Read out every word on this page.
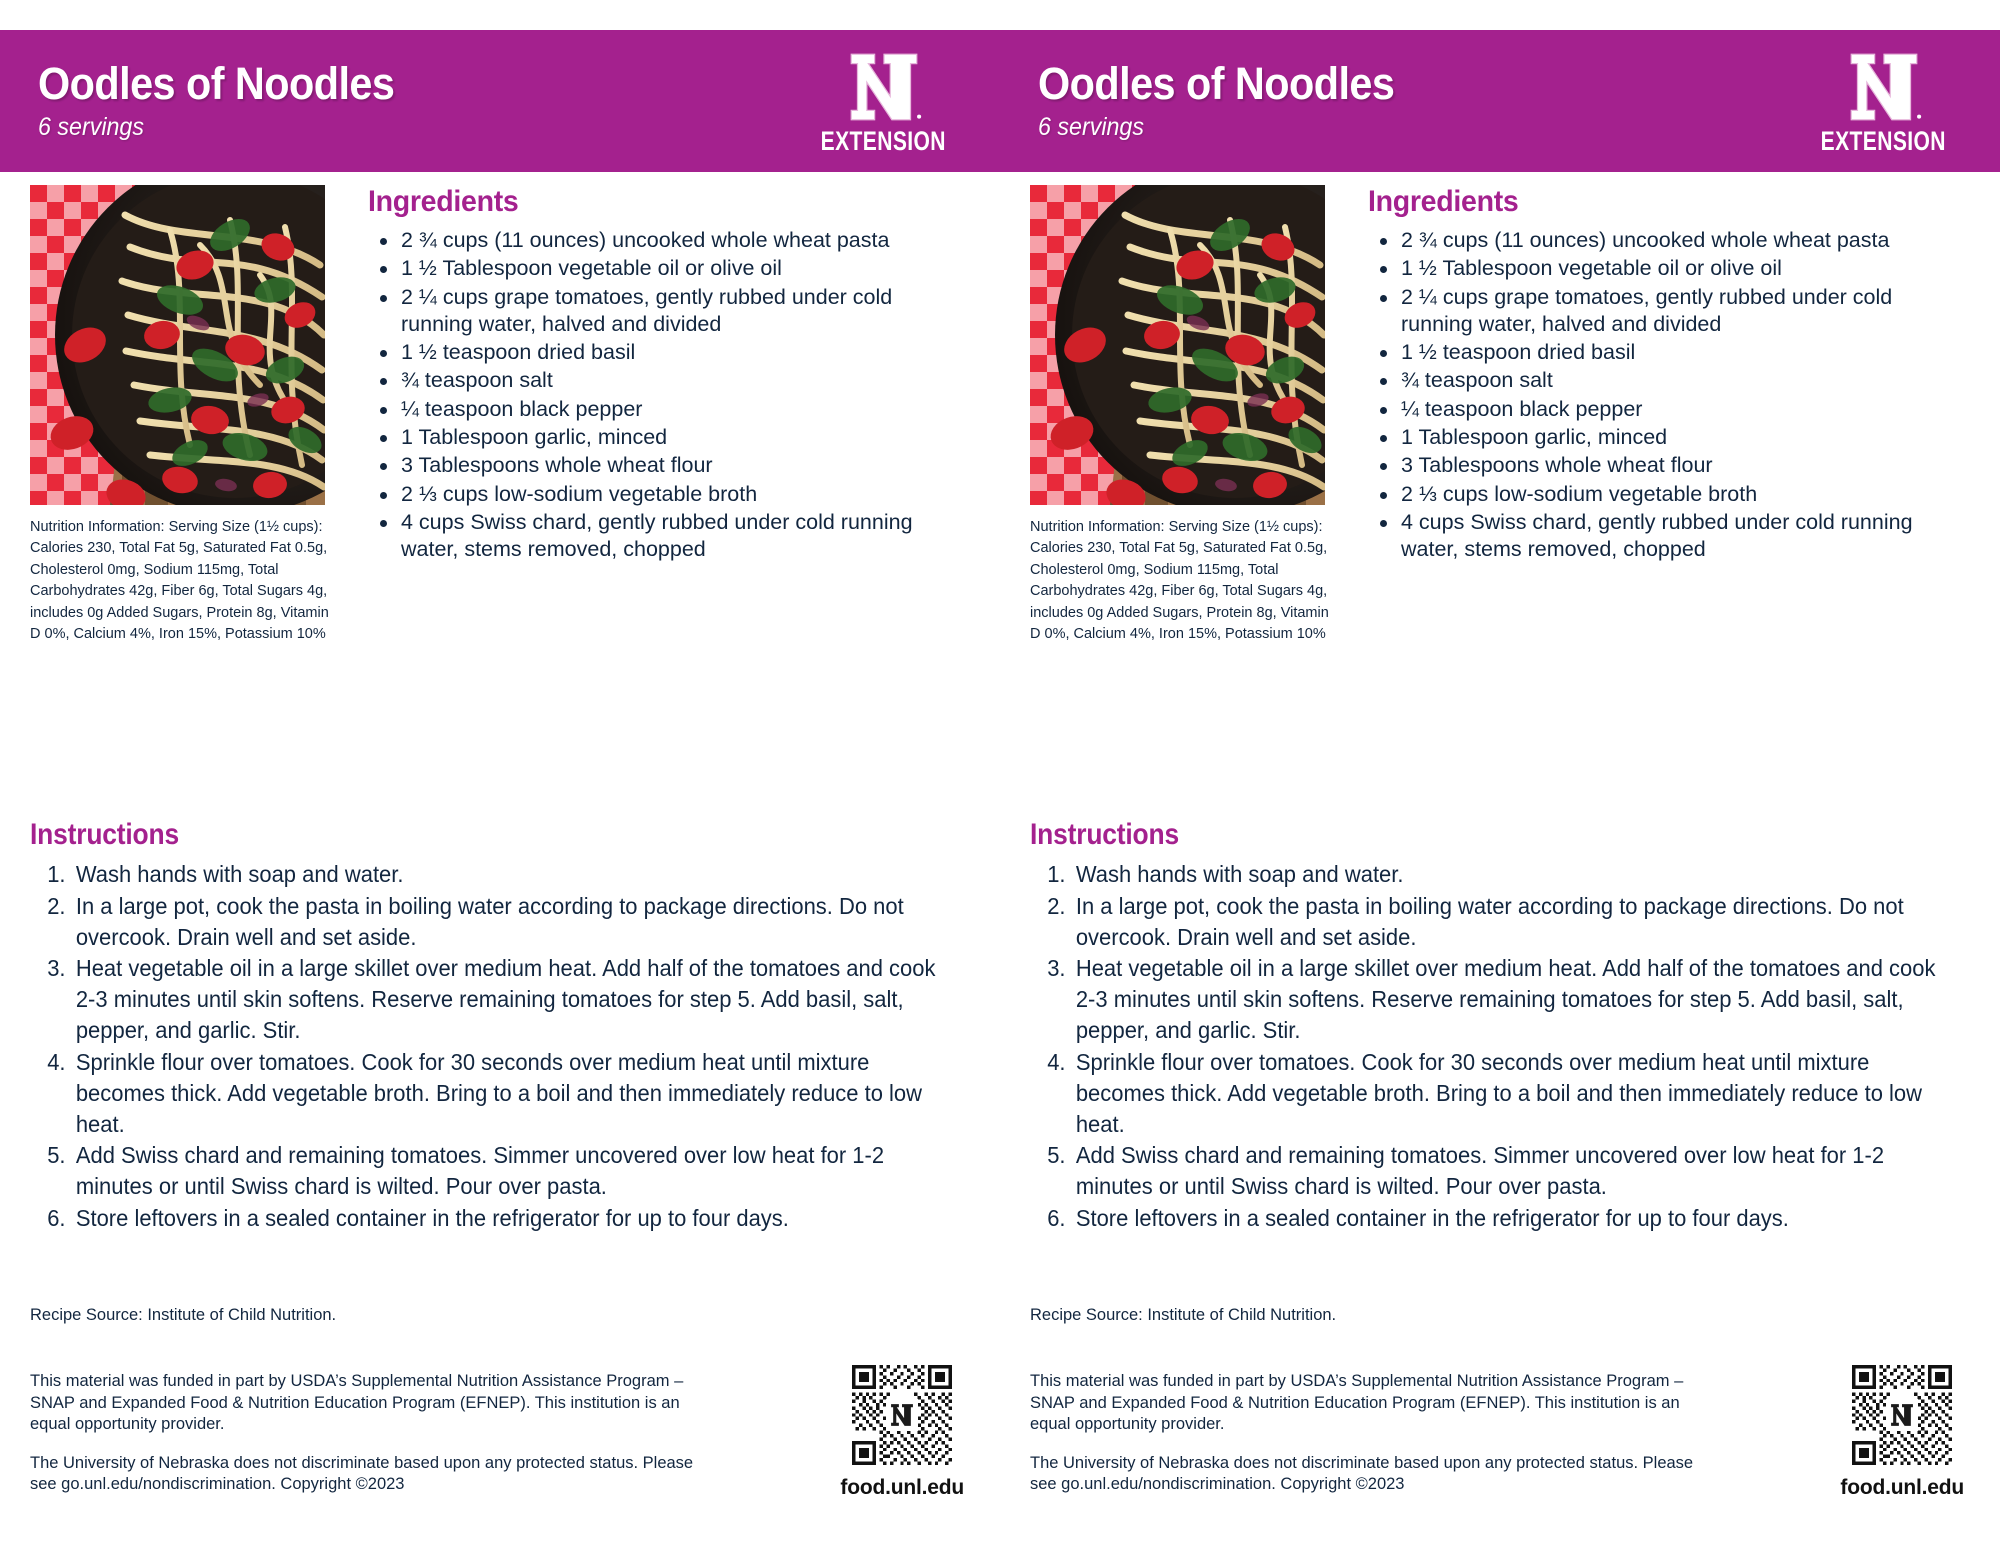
Oodles of Noodles
6 servings	EXTENSION
Nutrition Information: Serving Size (1½ cups): Calories 230, Total Fat 5g, Saturated Fat 0.5g, Cholesterol 0mg, Sodium 115mg, Total Carbohydrates 42g, Fiber 6g, Total Sugars 4g, includes 0g Added Sugars, Protein 8g, Vitamin D 0%, Calcium 4%, Iron 15%, Potassium 10%
Ingredients
2 ¾ cups (11 ounces) uncooked whole wheat pasta
1 ½ Tablespoon vegetable oil or olive oil
2 ¼ cups grape tomatoes, gently rubbed under cold running water, halved and divided
1 ½ teaspoon dried basil
¾ teaspoon salt
¼ teaspoon black pepper
1 Tablespoon garlic, minced
3 Tablespoons whole wheat flour
2 ⅓ cups low-sodium vegetable broth
4 cups Swiss chard, gently rubbed under cold running water, stems removed, chopped
Instructions
Wash hands with soap and water.
In a large pot, cook the pasta in boiling water according to package directions. Do not overcook. Drain well and set aside.
Heat vegetable oil in a large skillet over medium heat. Add half of the tomatoes and cook 2-3 minutes until skin softens. Reserve remaining tomatoes for step 5. Add basil, salt, pepper, and garlic. Stir.
Sprinkle flour over tomatoes. Cook for 30 seconds over medium heat until mixture becomes thick. Add vegetable broth. Bring to a boil and then immediately reduce to low heat.
Add Swiss chard and remaining tomatoes. Simmer uncovered over low heat for 1-2 minutes or until Swiss chard is wilted. Pour over pasta.
Store leftovers in a sealed container in the refrigerator for up to four days.
Recipe Source: Institute of Child Nutrition.
This material was funded in part by USDA’s Supplemental Nutrition Assistance Program – SNAP and Expanded Food & Nutrition Education Program (EFNEP). This institution is an equal opportunity provider.
The University of Nebraska does not discriminate based upon any protected status. Please see go.unl.edu/nondiscrimination. Copyright ©2023	food.unl.edu
Oodles of Noodles
6 servings	EXTENSION
Nutrition Information: Serving Size (1½ cups): Calories 230, Total Fat 5g, Saturated Fat 0.5g, Cholesterol 0mg, Sodium 115mg, Total Carbohydrates 42g, Fiber 6g, Total Sugars 4g, includes 0g Added Sugars, Protein 8g, Vitamin D 0%, Calcium 4%, Iron 15%, Potassium 10%
Ingredients
2 ¾ cups (11 ounces) uncooked whole wheat pasta
1 ½ Tablespoon vegetable oil or olive oil
2 ¼ cups grape tomatoes, gently rubbed under cold running water, halved and divided
1 ½ teaspoon dried basil
¾ teaspoon salt
¼ teaspoon black pepper
1 Tablespoon garlic, minced
3 Tablespoons whole wheat flour
2 ⅓ cups low-sodium vegetable broth
4 cups Swiss chard, gently rubbed under cold running water, stems removed, chopped
Instructions
Wash hands with soap and water.
In a large pot, cook the pasta in boiling water according to package directions. Do not overcook. Drain well and set aside.
Heat vegetable oil in a large skillet over medium heat. Add half of the tomatoes and cook 2-3 minutes until skin softens. Reserve remaining tomatoes for step 5. Add basil, salt, pepper, and garlic. Stir.
Sprinkle flour over tomatoes. Cook for 30 seconds over medium heat until mixture becomes thick. Add vegetable broth. Bring to a boil and then immediately reduce to low heat.
Add Swiss chard and remaining tomatoes. Simmer uncovered over low heat for 1-2 minutes or until Swiss chard is wilted. Pour over pasta.
Store leftovers in a sealed container in the refrigerator for up to four days.
Recipe Source: Institute of Child Nutrition.
This material was funded in part by USDA’s Supplemental Nutrition Assistance Program – SNAP and Expanded Food & Nutrition Education Program (EFNEP). This institution is an equal opportunity provider.
The University of Nebraska does not discriminate based upon any protected status. Please see go.unl.edu/nondiscrimination. Copyright ©2023	food.unl.edu
